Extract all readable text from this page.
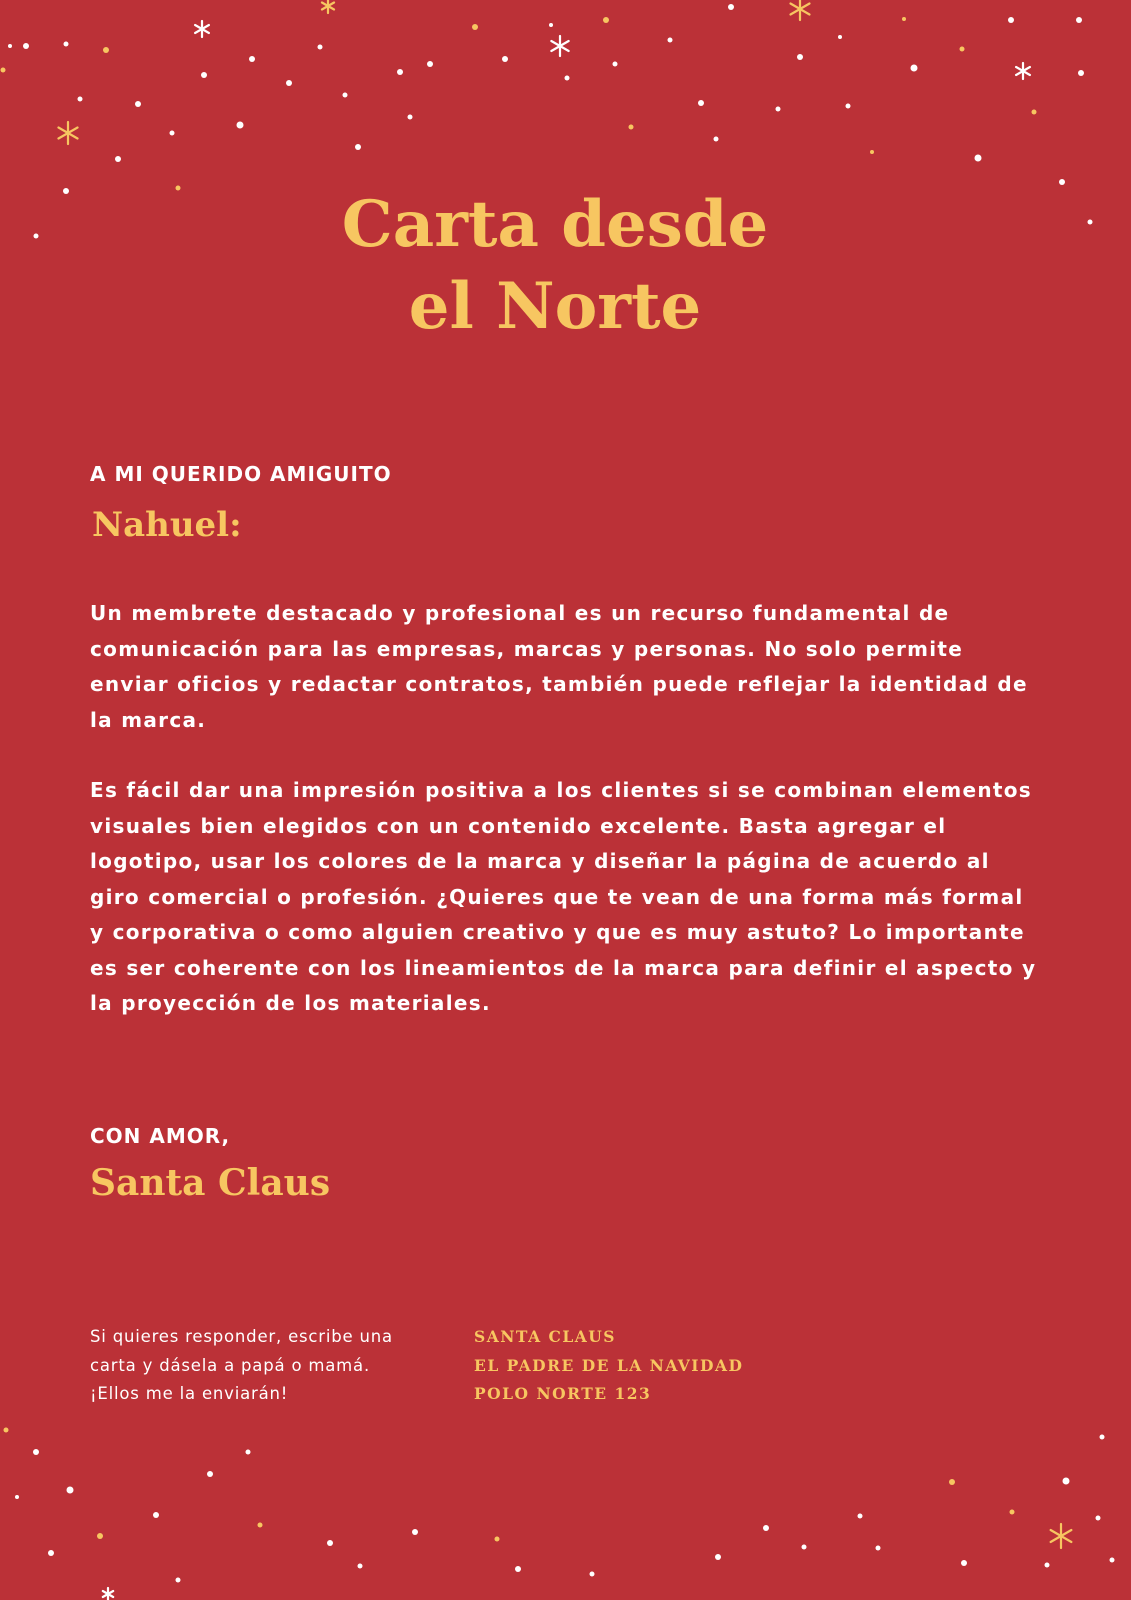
Carta desde
el Norte
A MI QUERIDO AMIGUITO
Nahuel:

Un membrete destacado y profesional es un recurso fundamental de comunicación para las empresas, marcas y personas. No solo permite enviar oficios y redactar contratos, también puede reflejar la identidad de la marca.

Es fácil dar una impresión positiva a los clientes si se combinan elementos visuales bien elegidos con un contenido excelente. Basta agregar el logotipo, usar los colores de la marca y diseñar la página de acuerdo al giro comercial o profesión. ¿Quieres que te vean de una forma más formal y corporativa o como alguien creativo y que es muy astuto? Lo importante es ser coherente con los lineamientos de la marca para definir el aspecto y la proyección de los materiales.

CON AMOR,
Santa Claus
Si quieres responder, escribe una
carta y dásela a papá o mamá.
¡Ellos me la enviarán!
SANTA CLAUS
EL PADRE DE LA NAVIDAD
POLO NORTE 123
